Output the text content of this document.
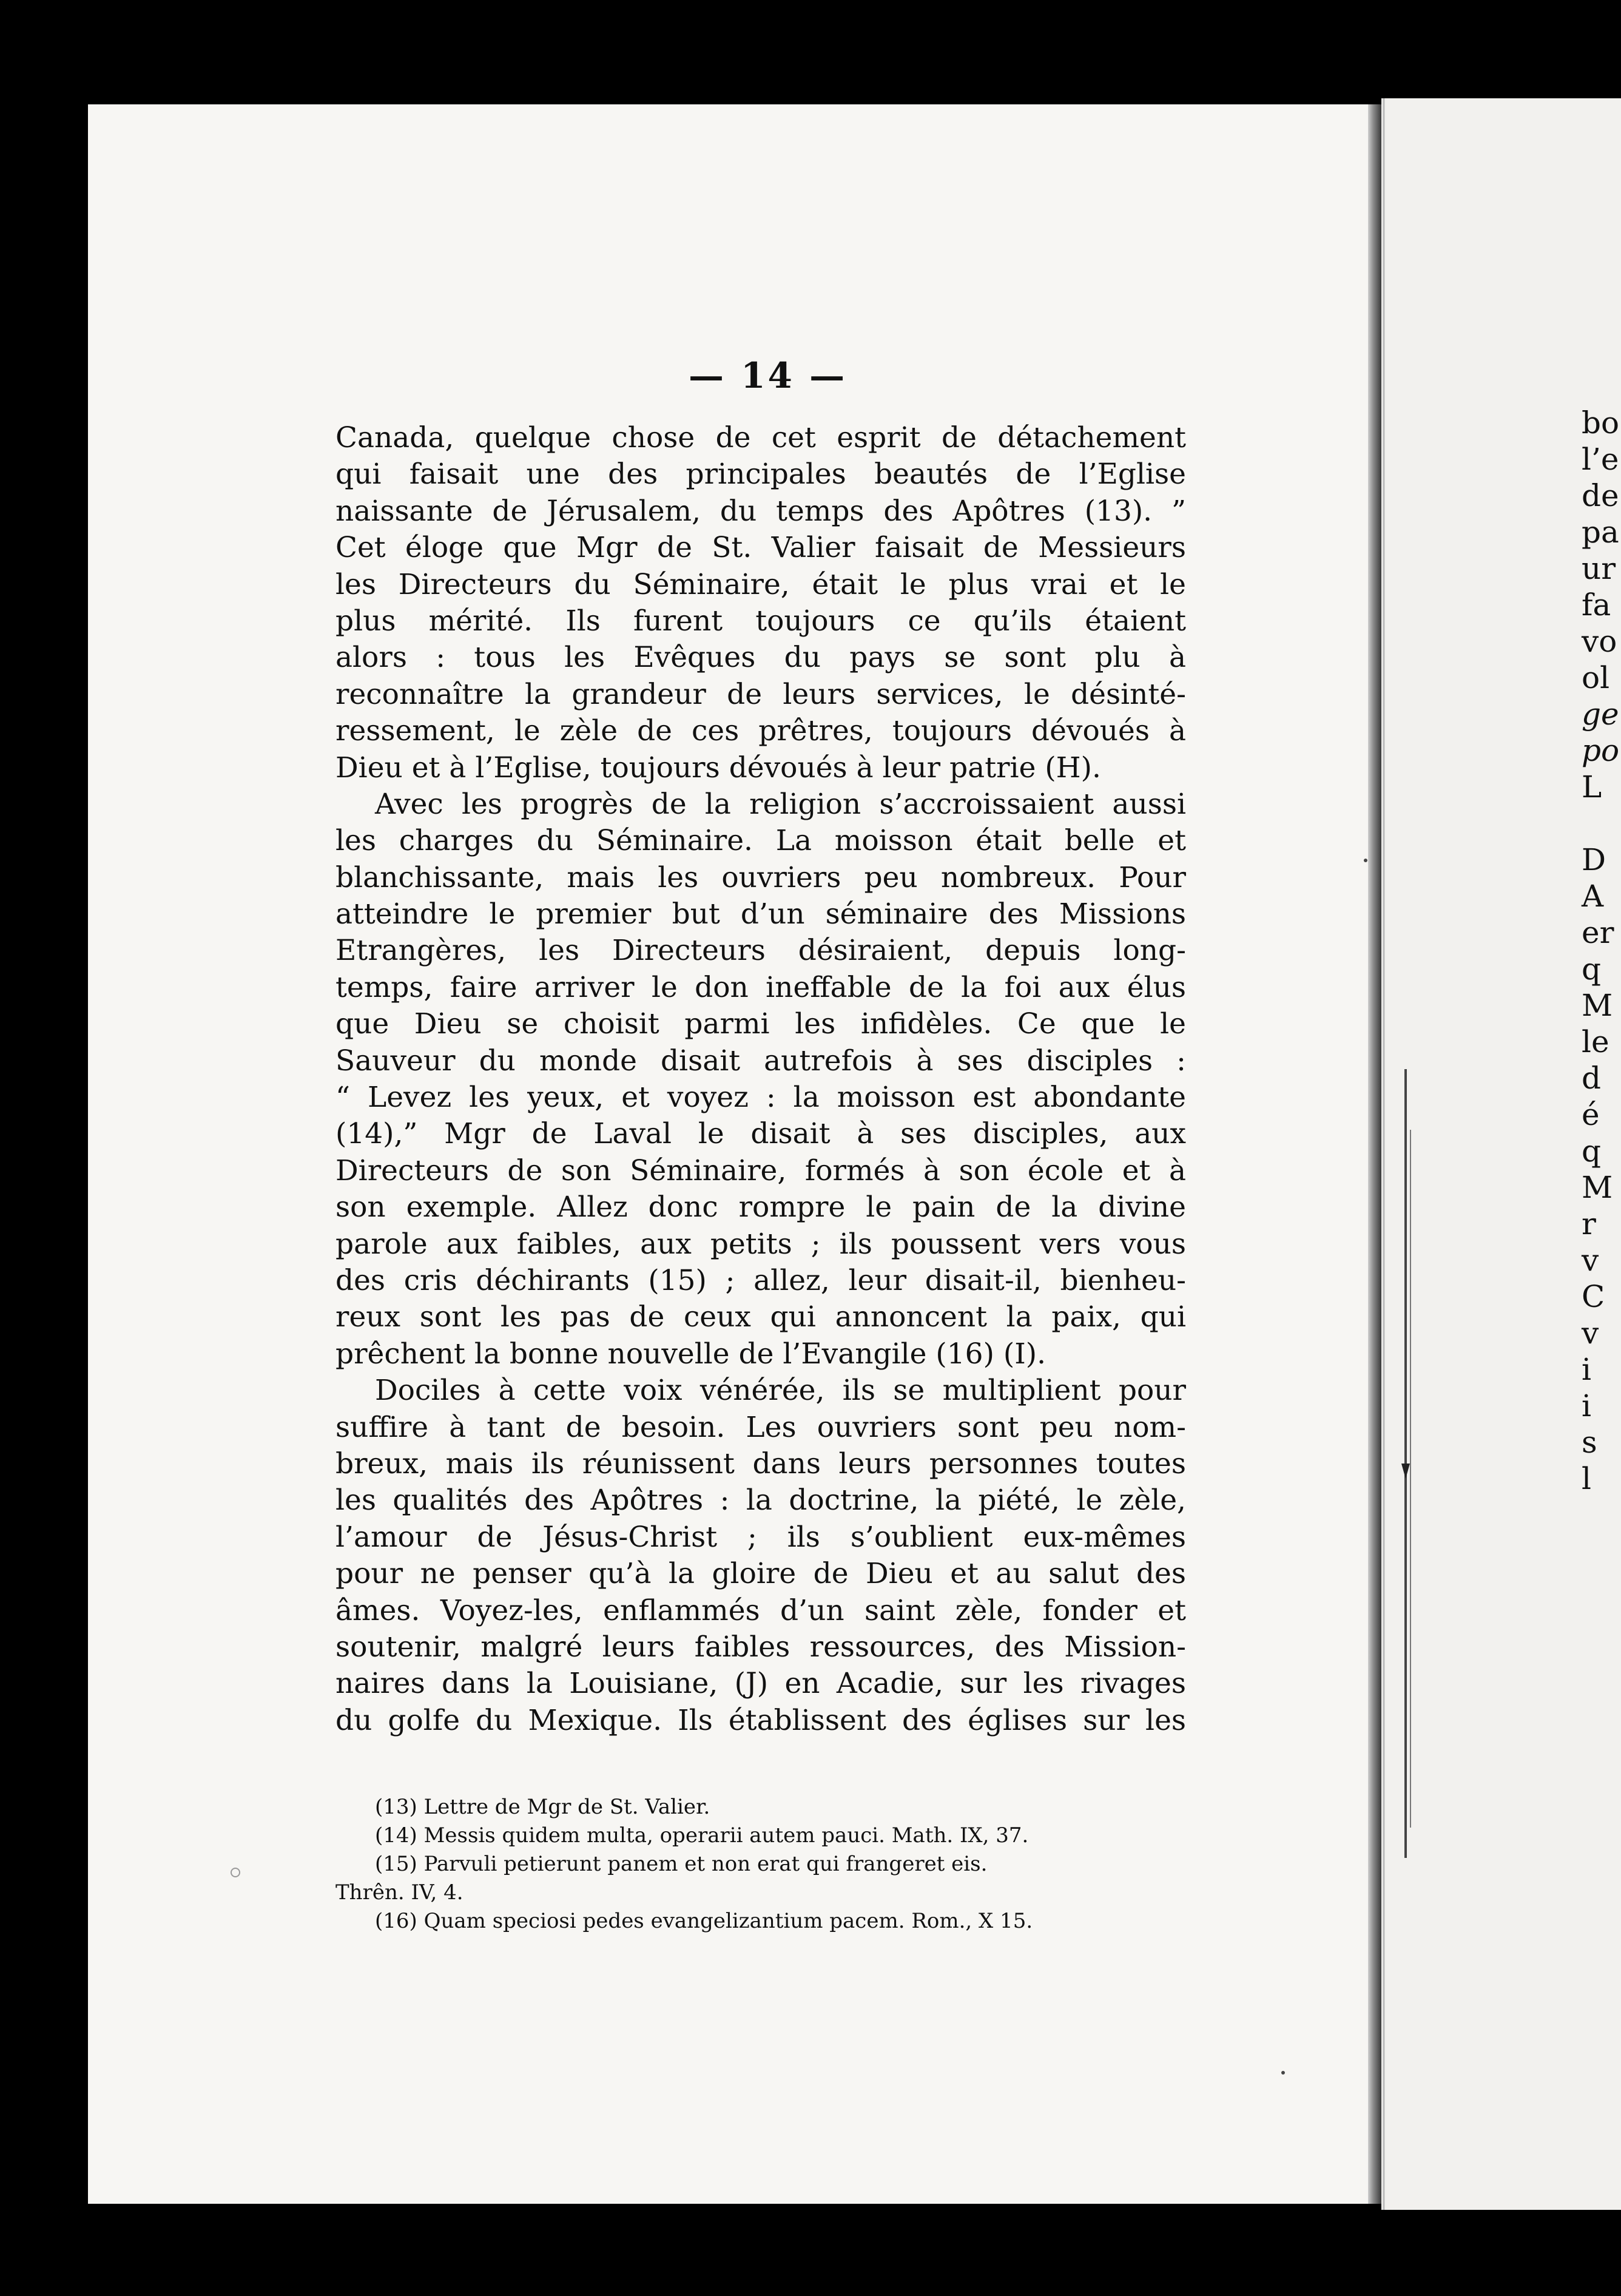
bo
l’e
de
pa
ur
fa
vo
ol
ge
po
L
D
A
er
q
M
le
d
é
q
M
r
v
C
v
i
i
s
l
— 14 —
Canada, quelque chose de cet esprit de détachement
qui faisait une des principales beautés de l’Eglise
naissante de Jérusalem, du temps des Apôtres (13). ”
Cet éloge que Mgr de St. Valier faisait de Messieurs
les Directeurs du Séminaire, était le plus vrai et le
plus mérité. Ils furent toujours ce qu’ils étaient
alors : tous les Evêques du pays se sont plu à
reconnaître la grandeur de leurs services, le désinté-
ressement, le zèle de ces prêtres, toujours dévoués à
Dieu et à l’Eglise, toujours dévoués à leur patrie (H).
Avec les progrès de la religion s’accroissaient aussi
les charges du Séminaire. La moisson était belle et
blanchissante, mais les ouvriers peu nombreux. Pour
atteindre le premier but d’un séminaire des Missions
Etrangères, les Directeurs désiraient, depuis long-
temps, faire arriver le don ineffable de la foi aux élus
que Dieu se choisit parmi les infidèles. Ce que le
Sauveur du monde disait autrefois à ses disciples :
“ Levez les yeux, et voyez : la moisson est abondante
(14),” Mgr de Laval le disait à ses disciples, aux
Directeurs de son Séminaire, formés à son école et à
son exemple. Allez donc rompre le pain de la divine
parole aux faibles, aux petits ; ils poussent vers vous
des cris déchirants (15) ; allez, leur disait-il, bienheu-
reux sont les pas de ceux qui annoncent la paix, qui
prêchent la bonne nouvelle de l’Evangile (16) (I).
Dociles à cette voix vénérée, ils se multiplient pour
suffire à tant de besoin. Les ouvriers sont peu nom-
breux, mais ils réunissent dans leurs personnes toutes
les qualités des Apôtres : la doctrine, la piété, le zèle,
l’amour de Jésus-Christ ; ils s’oublient eux-mêmes
pour ne penser qu’à la gloire de Dieu et au salut des
âmes. Voyez-les, enflammés d’un saint zèle, fonder et
soutenir, malgré leurs faibles ressources, des Mission-
naires dans la Louisiane, (J) en Acadie, sur les rivages
du golfe du Mexique. Ils établissent des églises sur les
(13) Lettre de Mgr de St. Valier.
(14) Messis quidem multa, operarii autem pauci. Math. IX, 37.
(15) Parvuli petierunt panem et non erat qui frangeret eis.
Thrên. IV, 4.
(16) Quam speciosi pedes evangelizantium pacem. Rom., X 15.
